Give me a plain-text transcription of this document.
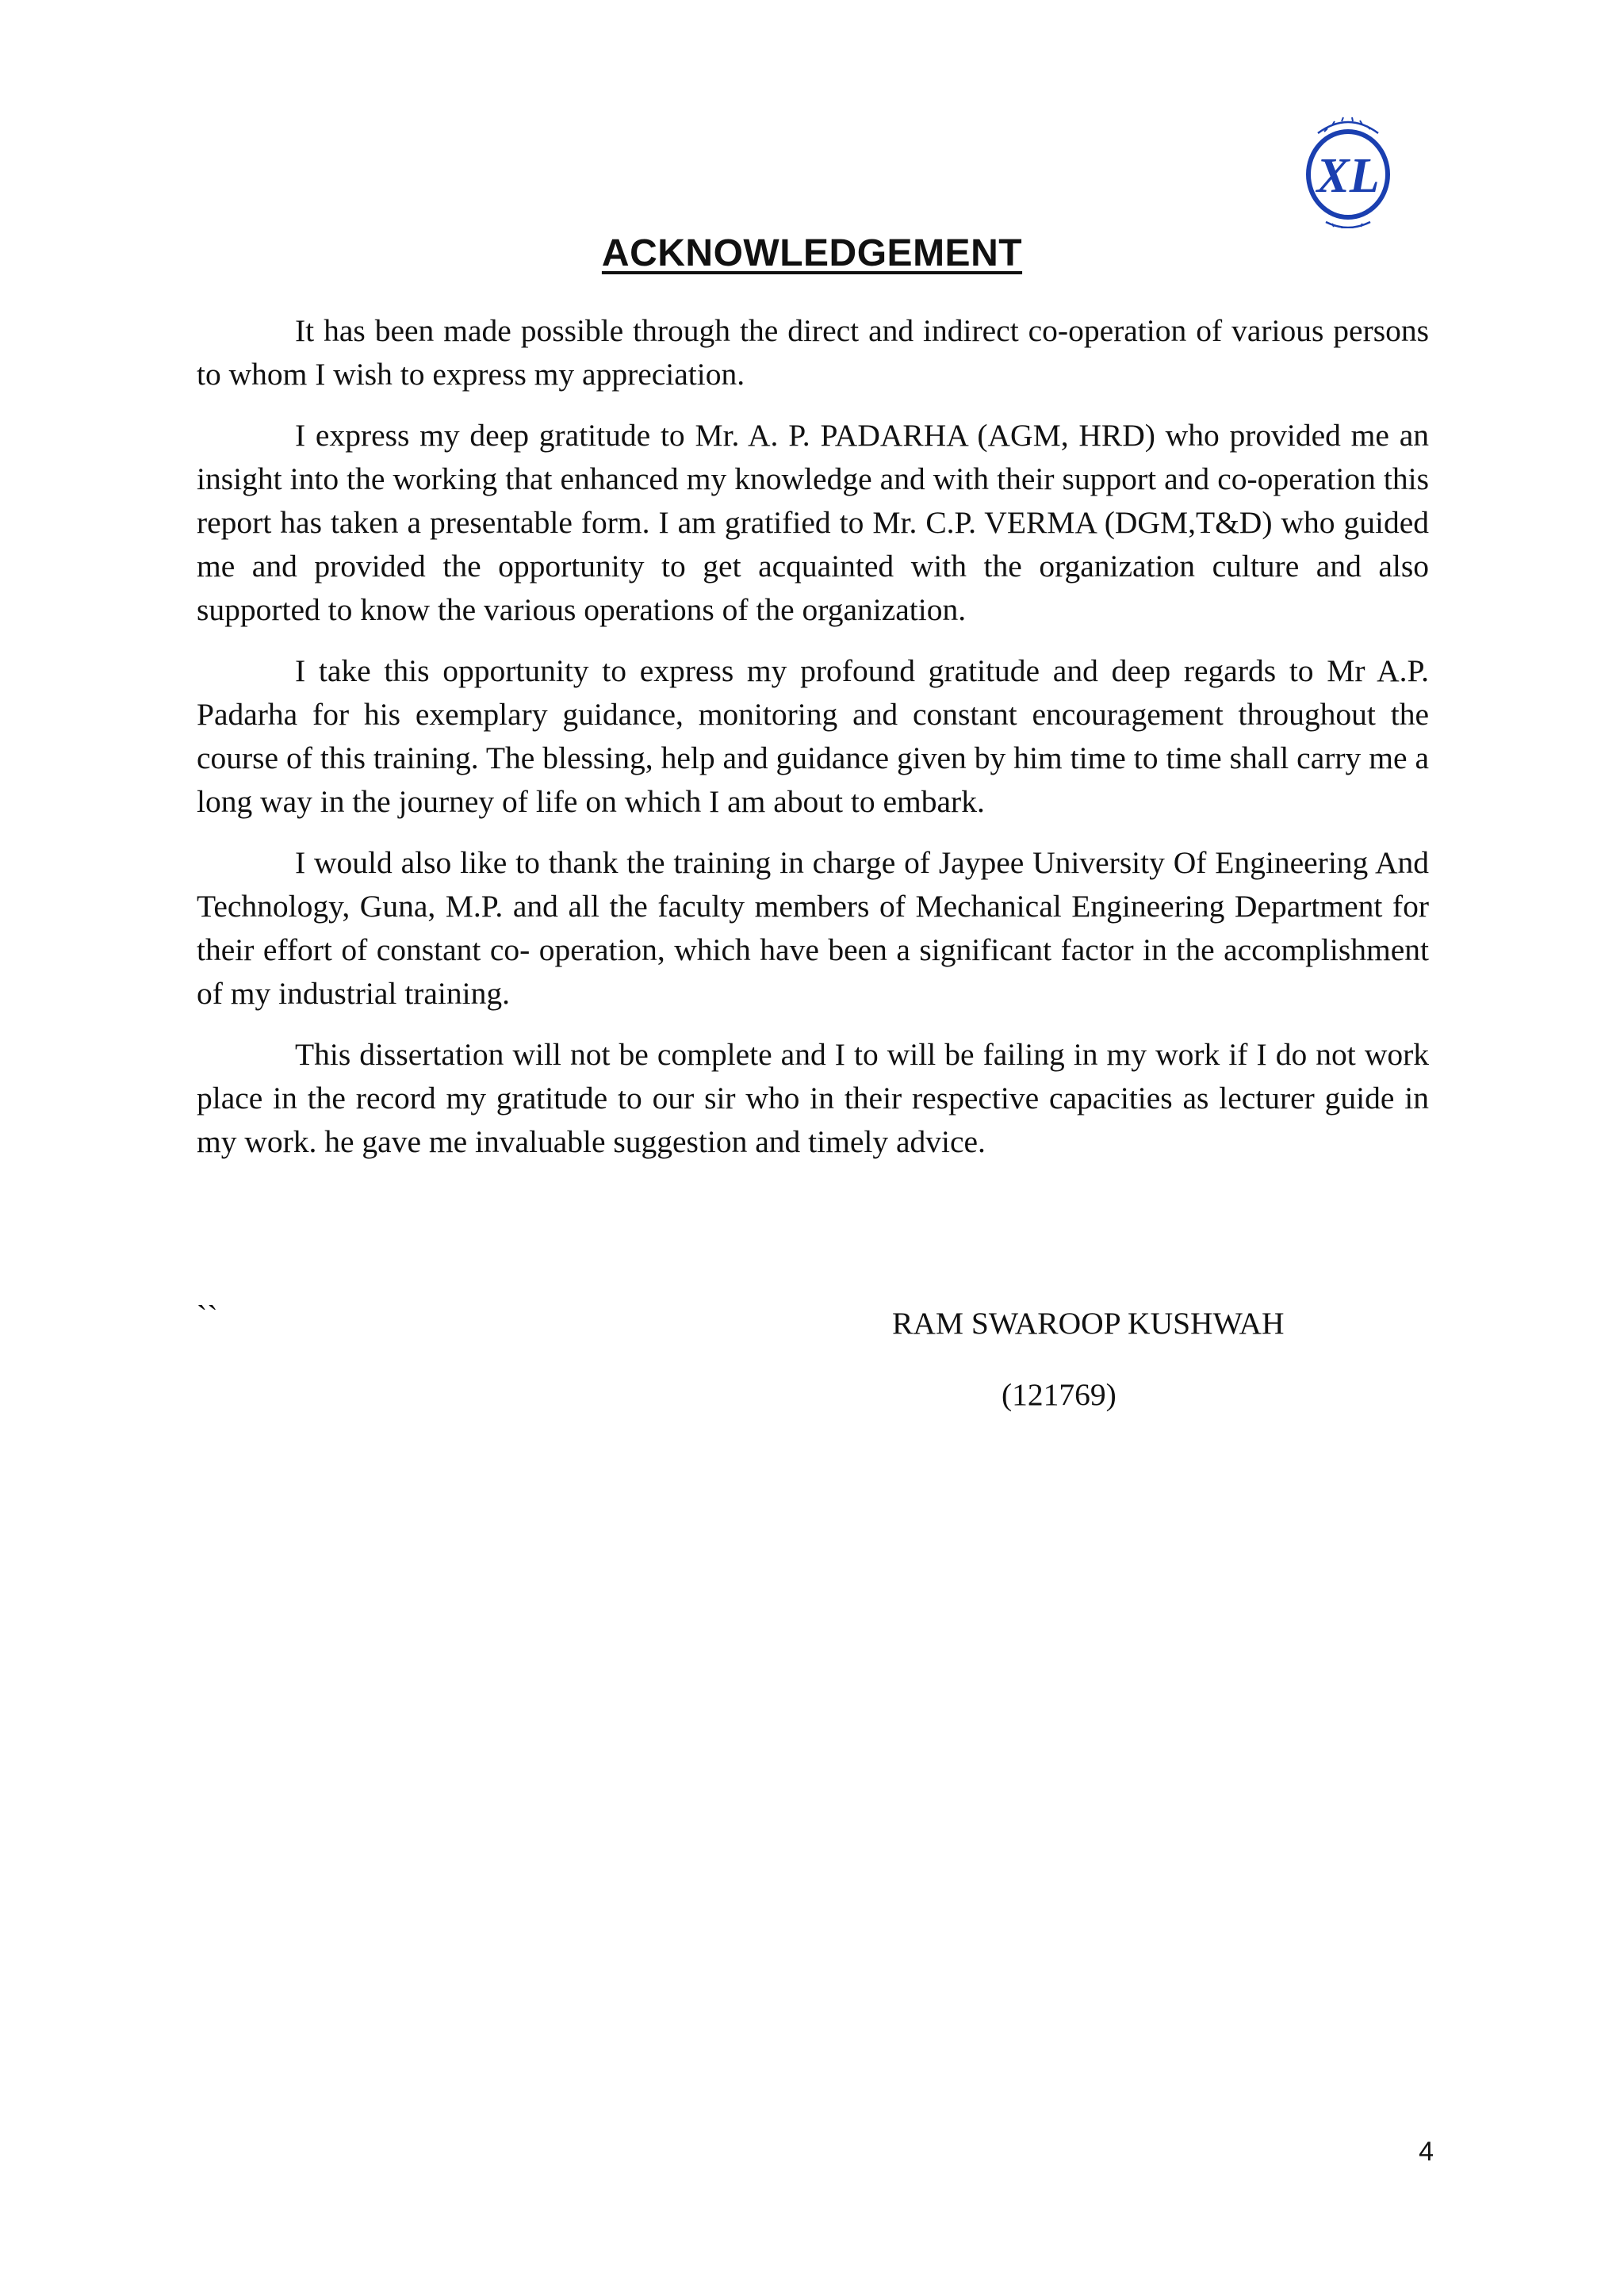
XL
ACKNOWLEDGEMENT

It has been made possible through the direct and indirect co-operation of various persons to whom I wish to express my appreciation.

I express my deep gratitude to Mr. A. P. PADARHA (AGM, HRD) who provided me an insight into the working that enhanced my knowledge and with their support and co-operation this report has taken a presentable form. I am gratified to Mr. C.P. VERMA (DGM,T&D) who guided me and provided the opportunity to get acquainted with the organization culture and also supported to know the various operations of the organization.

I take this opportunity to express my profound gratitude and deep regards to Mr A.P. Padarha for his exemplary guidance, monitoring and constant encouragement throughout the course of this training. The blessing, help and guidance given by him time to time shall carry me a long way in the journey of life on which I am about to embark.

I would also like to thank the training in charge of Jaypee University Of Engineering And Technology, Guna, M.P. and all the faculty members of Mechanical Engineering Department for their effort of constant co- operation, which have been a significant factor in the accomplishment of my industrial training.

This dissertation will not be complete and I to will be failing in my work if I do not work place in the record my gratitude to our sir who in their respective capacities as lecturer guide in my work. he gave me invaluable suggestion and timely advice.

``	RAM SWAROOP KUSHWAH
(121769)
4
